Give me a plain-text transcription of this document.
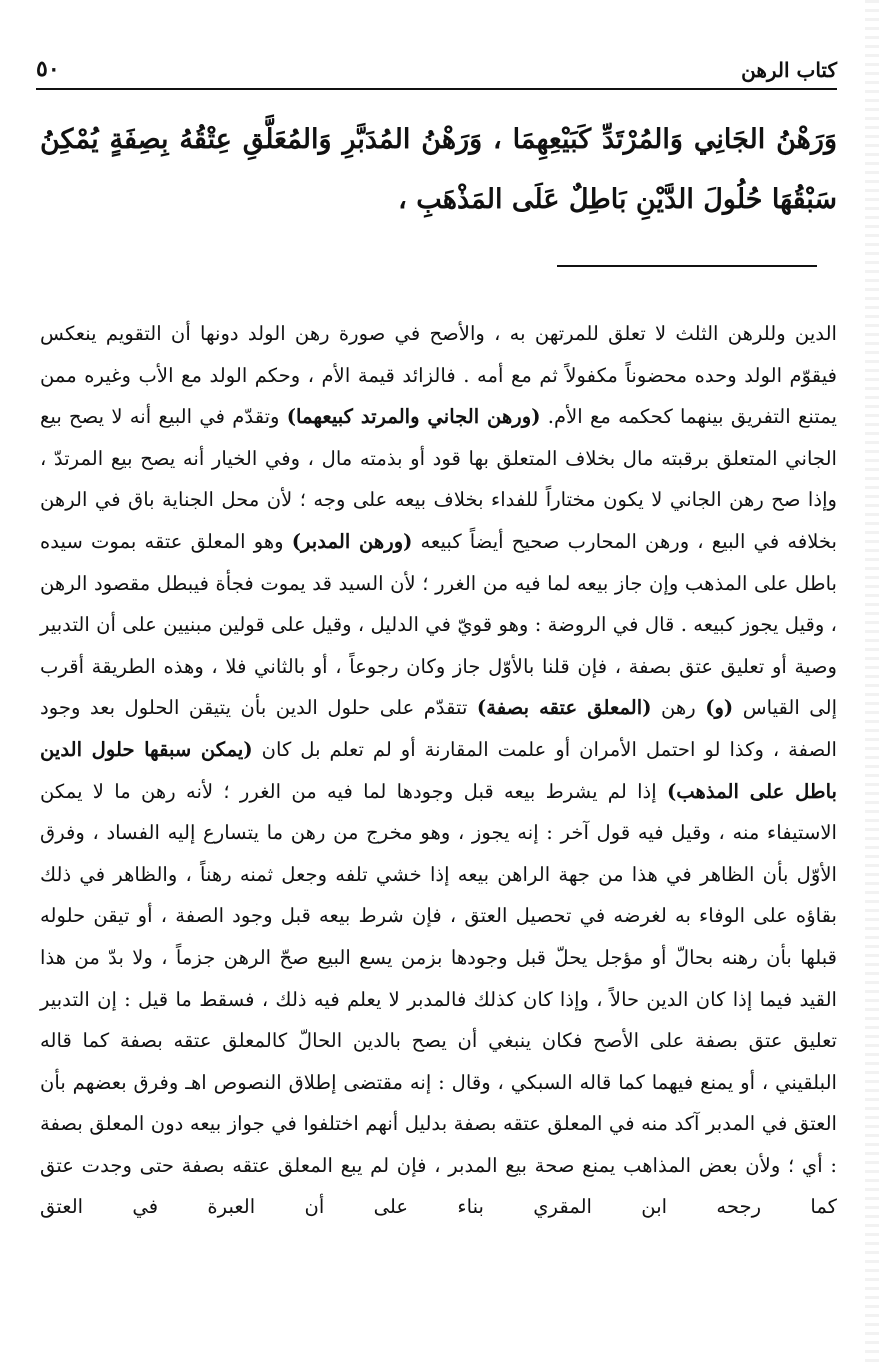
كتاب الرهن
٥٠
وَرَهْنُ الجَانِي وَالمُرْتَدِّ كَبَيْعِهِمَا ، وَرَهْنُ المُدَبَّرِ وَالمُعَلَّقِ عِتْقُهُ بِصِفَةٍ يُمْكِنُ سَبْقُهَا حُلُولَ الدَّيْنِ بَاطِلٌ عَلَى المَذْهَبِ ،

الدين وللرهن الثلث لا تعلق للمرتهن به ، والأصح في صورة رهن الولد دونها أن التقويم ينعكس فيقوّم الولد وحده محضوناً مكفولاً ثم مع أمه . فالزائد قيمة الأم ، وحكم الولد مع الأب وغيره ممن يمتنع التفريق بينهما كحكمه مع الأم. (ورهن الجاني والمرتد كبيعهما) وتقدّم في البيع أنه لا يصح بيع الجاني المتعلق برقبته مال بخلاف المتعلق بها قود أو بذمته مال ، وفي الخيار أنه يصح بيع المرتدّ ، وإذا صح رهن الجاني لا يكون مختاراً للفداء بخلاف بيعه على وجه ؛ لأن محل الجناية باق في الرهن بخلافه في البيع ، ورهن المحارب صحيح أيضاً كبيعه (ورهن المدبر) وهو المعلق عتقه بموت سيده باطل على المذهب وإن جاز بيعه لما فيه من الغرر ؛ لأن السيد قد يموت فجأة فيبطل مقصود الرهن ، وقيل يجوز كبيعه . قال في الروضة : وهو قويّ في الدليل ، وقيل على قولين مبنيين على أن التدبير وصية أو تعليق عتق بصفة ، فإن قلنا بالأوّل جاز وكان رجوعاً ، أو بالثاني فلا ، وهذه الطريقة أقرب إلى القياس (و) رهن (المعلق عتقه بصفة) تتقدّم على حلول الدين بأن يتيقن الحلول بعد وجود الصفة ، وكذا لو احتمل الأمران أو علمت المقارنة أو لم تعلم بل كان (يمكن سبقها حلول الدين باطل على المذهب) إذا لم يشرط بيعه قبل وجودها لما فيه من الغرر ؛ لأنه رهن ما لا يمكن الاستيفاء منه ، وقيل فيه قول آخر : إنه يجوز ، وهو مخرج من رهن ما يتسارع إليه الفساد ، وفرق الأوّل بأن الظاهر في هذا من جهة الراهن بيعه إذا خشي تلفه وجعل ثمنه رهناً ، والظاهر في ذلك بقاؤه على الوفاء به لغرضه في تحصيل العتق ، فإن شرط بيعه قبل وجود الصفة ، أو تيقن حلوله قبلها بأن رهنه بحالّ أو مؤجل يحلّ قبل وجودها بزمن يسع البيع صحّ الرهن جزماً ، ولا بدّ من هذا القيد فيما إذا كان الدين حالاً ، وإذا كان كذلك فالمدبر لا يعلم فيه ذلك ، فسقط ما قيل : إن التدبير تعليق عتق بصفة على الأصح فكان ينبغي أن يصح بالدين الحالّ كالمعلق عتقه بصفة كما قاله البلقيني ، أو يمنع فيهما كما قاله السبكي ، وقال : إنه مقتضى إطلاق النصوص اهـ وفرق بعضهم بأن العتق في المدبر آكد منه في المعلق عتقه بصفة بدليل أنهم اختلفوا في جواز بيعه دون المعلق بصفة : أي ؛ ولأن بعض المذاهب يمنع صحة بيع المدبر ، فإن لم يبع المعلق عتقه بصفة حتى وجدت عتق كما رجحه ابن المقري بناء على أن العبرة في العتق
